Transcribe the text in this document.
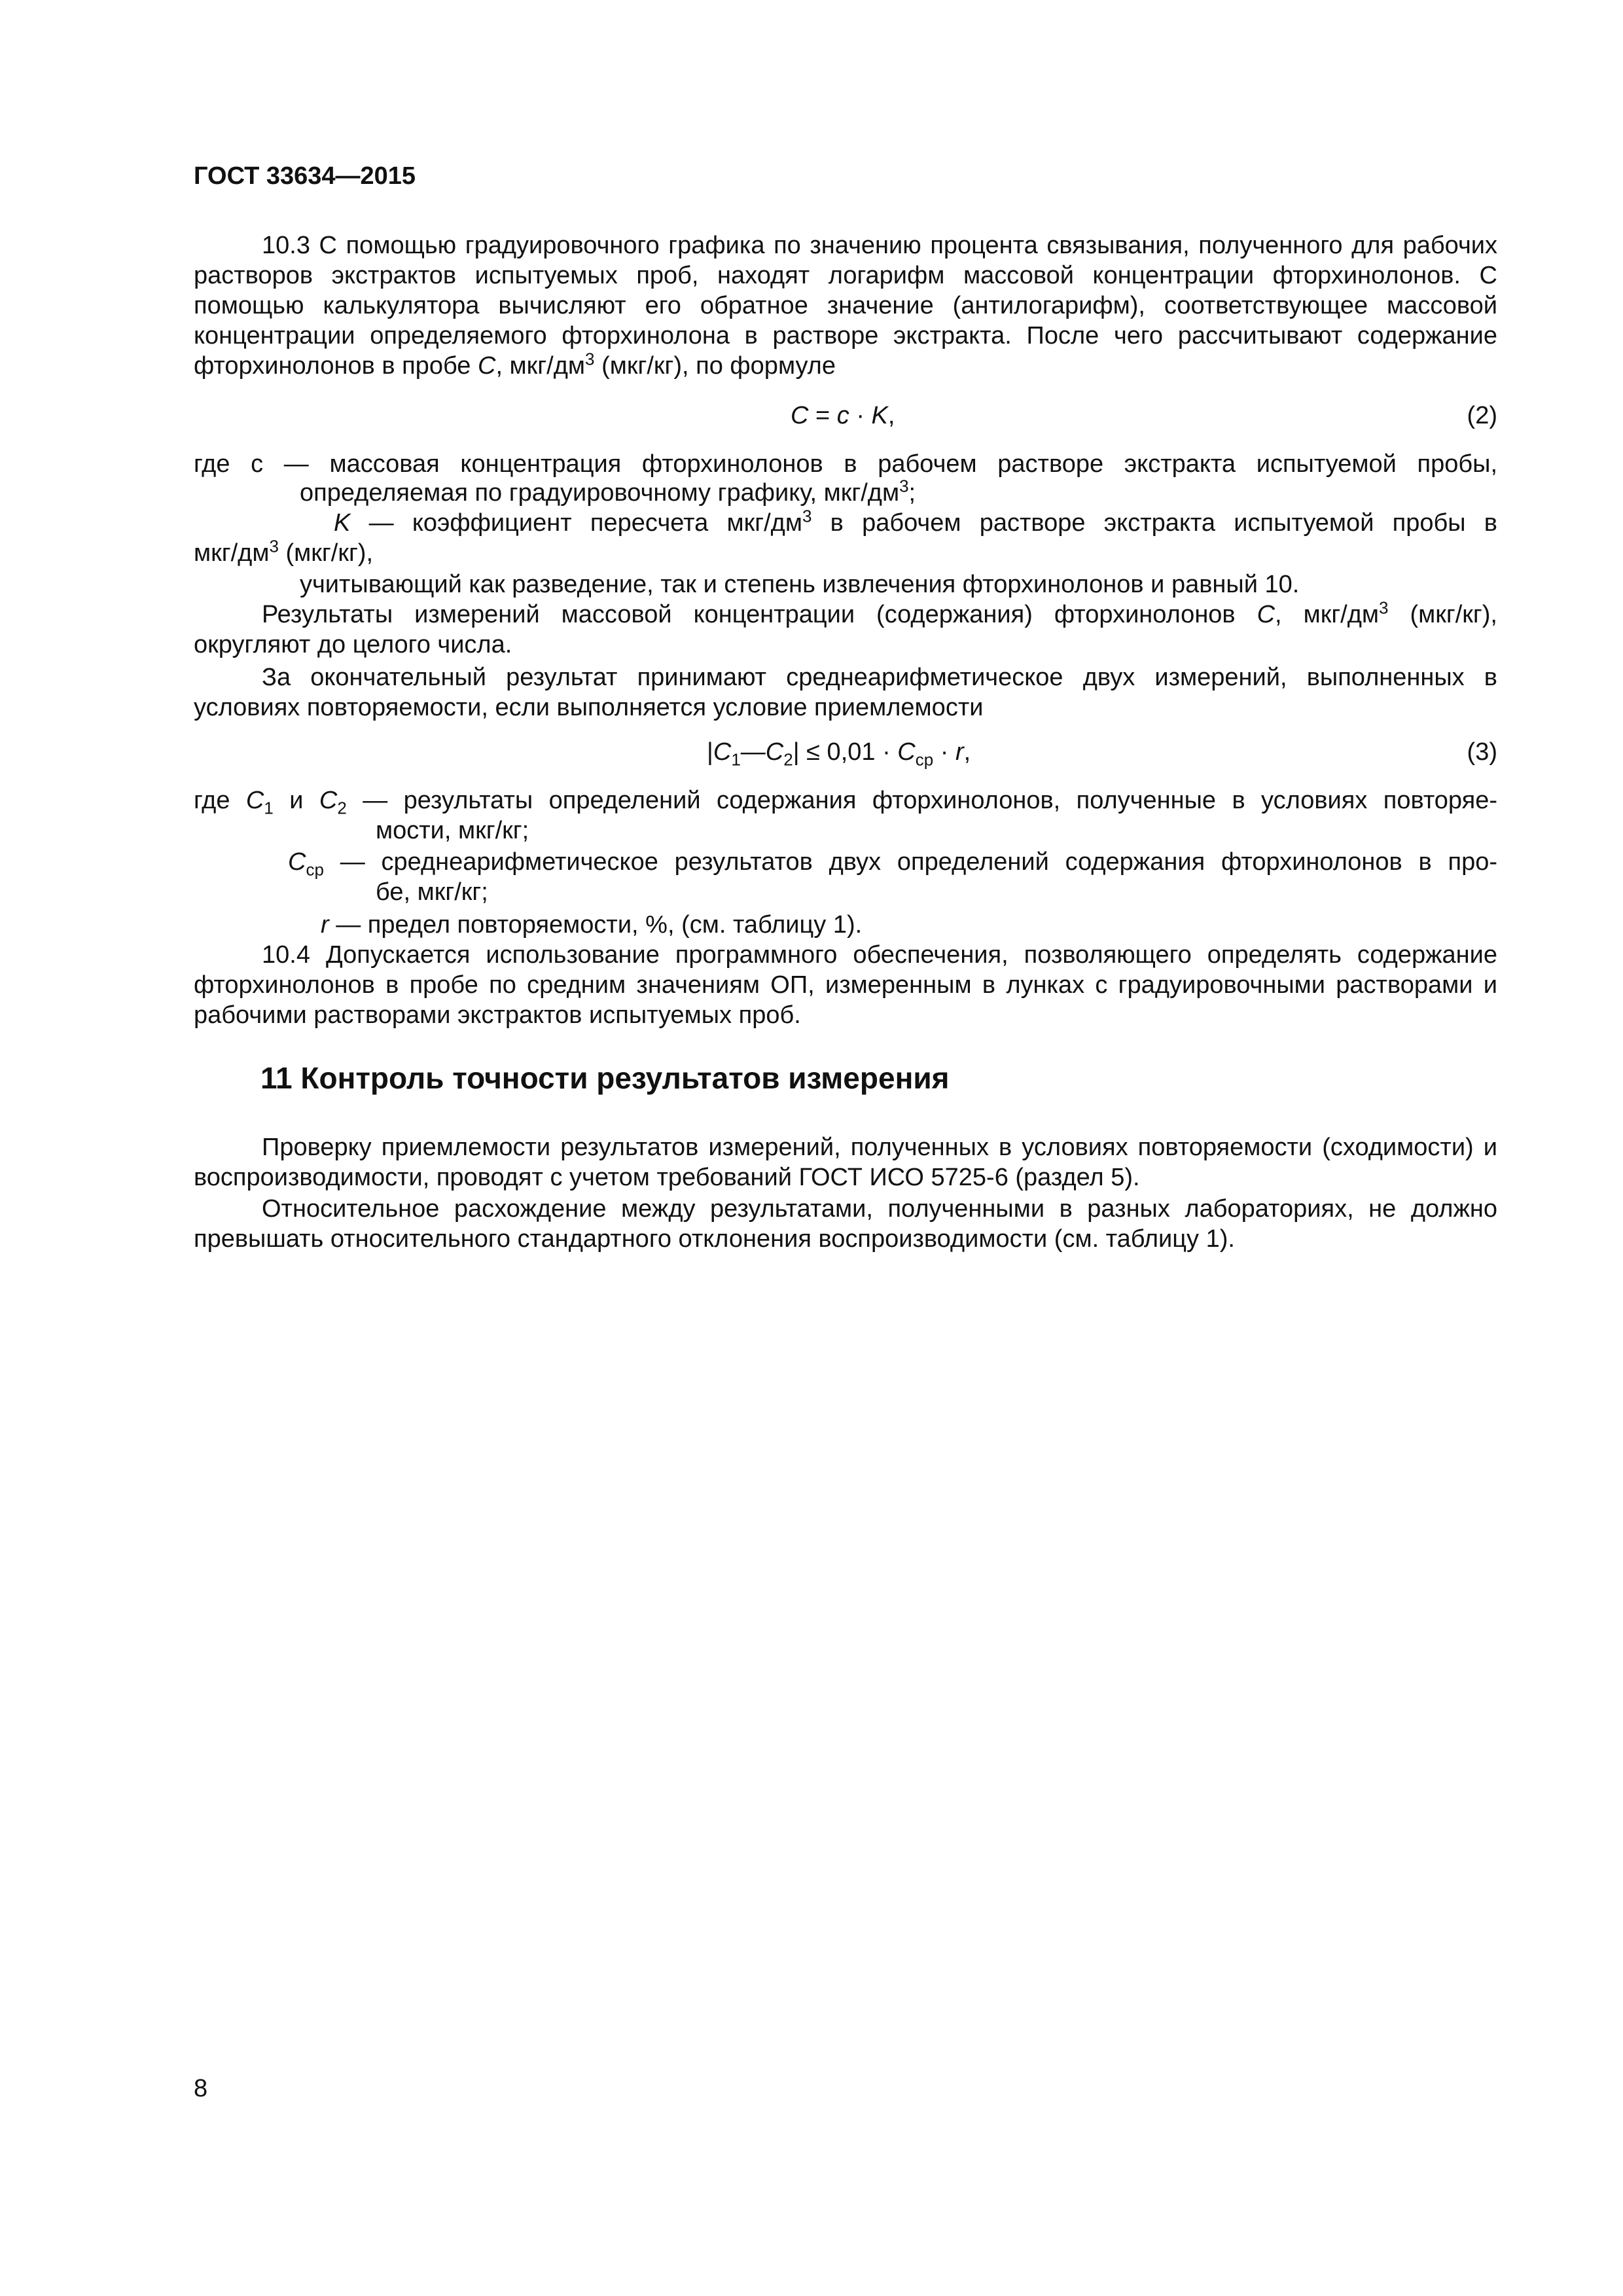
ГОСТ 33634—2015
10.3 С помощью градуировочного графика по значению процента связывания, полученного для рабочих растворов экстрактов испытуемых проб, находят логарифм массовой концентрации фторхинолонов. С помощью калькулятора вычисляют его обратное значение (антилогарифм), соответствующее массовой концентрации определяемого фторхинолона в растворе экстракта. После чего рассчитывают содержание фторхинолонов в пробе С, мкг/$дм^3$ (мкг/кг), по формуле
С = с · K,	(2)
где с — массовая концентрация фторхинолонов в рабочем растворе экстракта испытуемой пробы,
определяемая по градуировочному графику, мкг/$дм^3$;
K — коэффициент пересчета мкг/$дм^3$ в рабочем растворе экстракта испытуемой пробы в
мкг/$дм^3$ (мкг/кг),
учитывающий как разведение, так и степень извлечения фторхинолонов и равный 10.
Результаты измерений массовой концентрации (содержания) фторхинолонов С, мкг/$дм^3$ (мкг/кг),
округляют до целого числа.
За окончательный результат принимают среднеарифметическое двух измерений, выполненных в
условиях повторяемости, если выполняется условие приемлемости
$|С_1—С_2| \le 0,01 \cdot С_{ср} \cdot r$,	(3)
где $С_1$ и $С_2$ — результаты определений содержания фторхинолонов, полученные в условиях повторяе-
мости, мкг/кг;
$С_{ср}$ — среднеарифметическое результатов двух определений содержания фторхинолонов в про-
бе, мкг/кг;
r — предел повторяемости, %, (см. таблицу 1).
10.4 Допускается использование программного обеспечения, позволяющего определять содержание фторхинолонов в пробе по средним значениям ОП, измеренным в лунках с градуировочными растворами и рабочими растворами экстрактов испытуемых проб.
11 Контроль точности результатов измерения
Проверку приемлемости результатов измерений, полученных в условиях повторяемости (сходимости) и воспроизводимости, проводят с учетом требований ГОСТ ИСО 5725-6 (раздел 5).
Относительное расхождение между результатами, полученными в разных лабораториях, не должно превышать относительного стандартного отклонения воспроизводимости (см. таблицу 1).
8
